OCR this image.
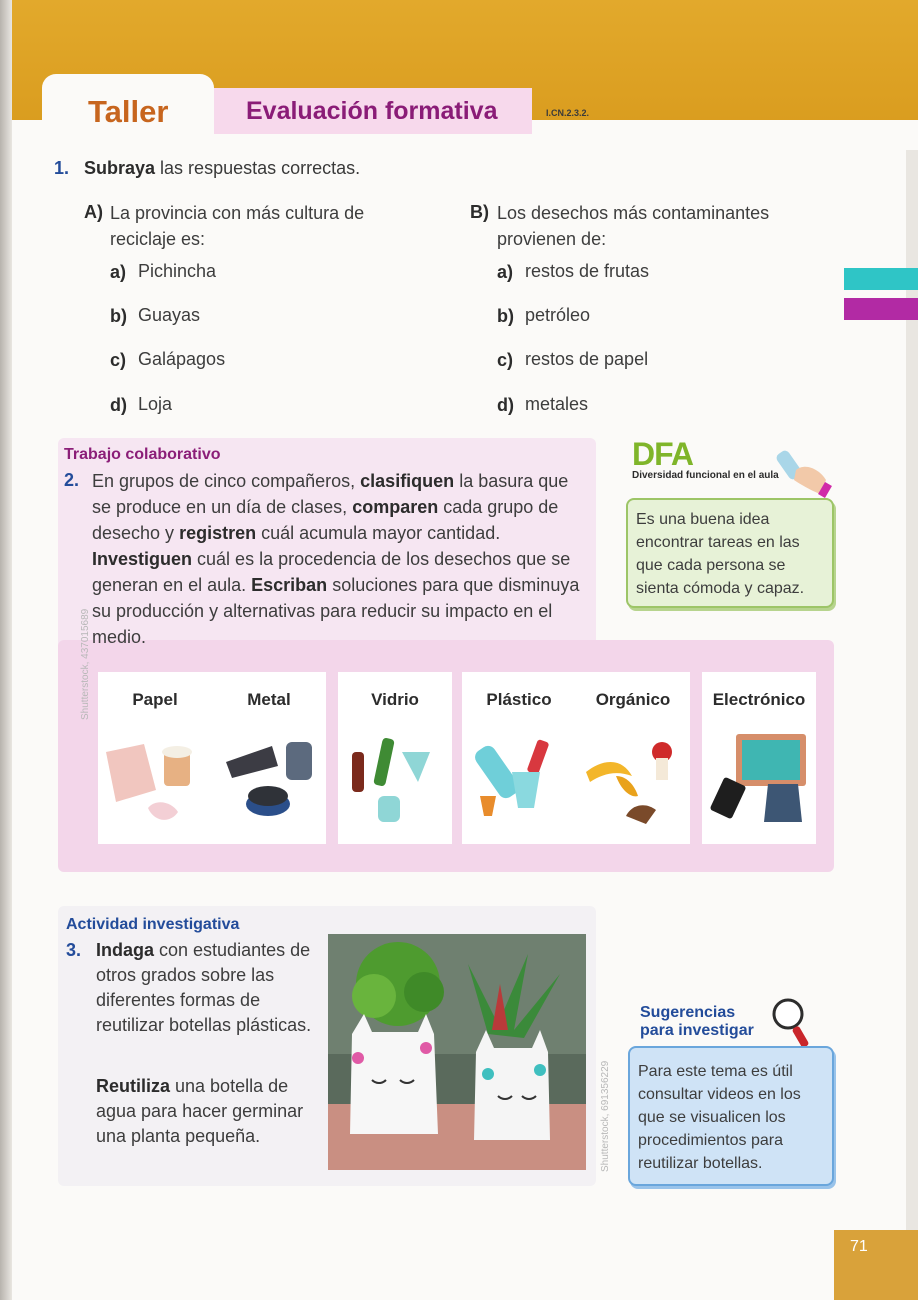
Taller	Evaluación formativa	I.CN.2.3.2.
1. Subraya las respuestas correctas.
A) La provincia con más cultura de
reciclaje es:
a) Pichincha
b) Guayas
c) Galápagos
d) Loja
B) Los desechos más contaminantes
provienen de:
a) restos de frutas
b) petróleo
c) restos de papel
d) metales
Trabajo colaborativo
2. En grupos de cinco compañeros, clasifiquen la basura que se produce en un día de clases, comparen cada grupo de desecho y registren cuál acumula mayor cantidad. Investiguen cuál es la procedencia de los desechos que se generan en el aula. Escriban soluciones para que disminuya su producción y alternativas para reducir su impacto en el medio.
DFA
Diversidad funcional en el aula
Es una buena idea encontrar tareas en las que cada persona se sienta cómoda y capaz.
Shutterstock, 437015689	Papel	Metal	Vidrio	Plástico	Orgánico	Electrónico
Actividad investigativa
3. Indaga con estudiantes de otros grados sobre las diferentes formas de reutilizar botellas plásticas.
Reutiliza una botella de agua para hacer germinar una planta pequeña.	Shutterstock, 691356229
Sugerencias
para investigar
Para este tema es útil consultar videos en los que se visualicen los procedimientos para reutilizar botellas.
71
